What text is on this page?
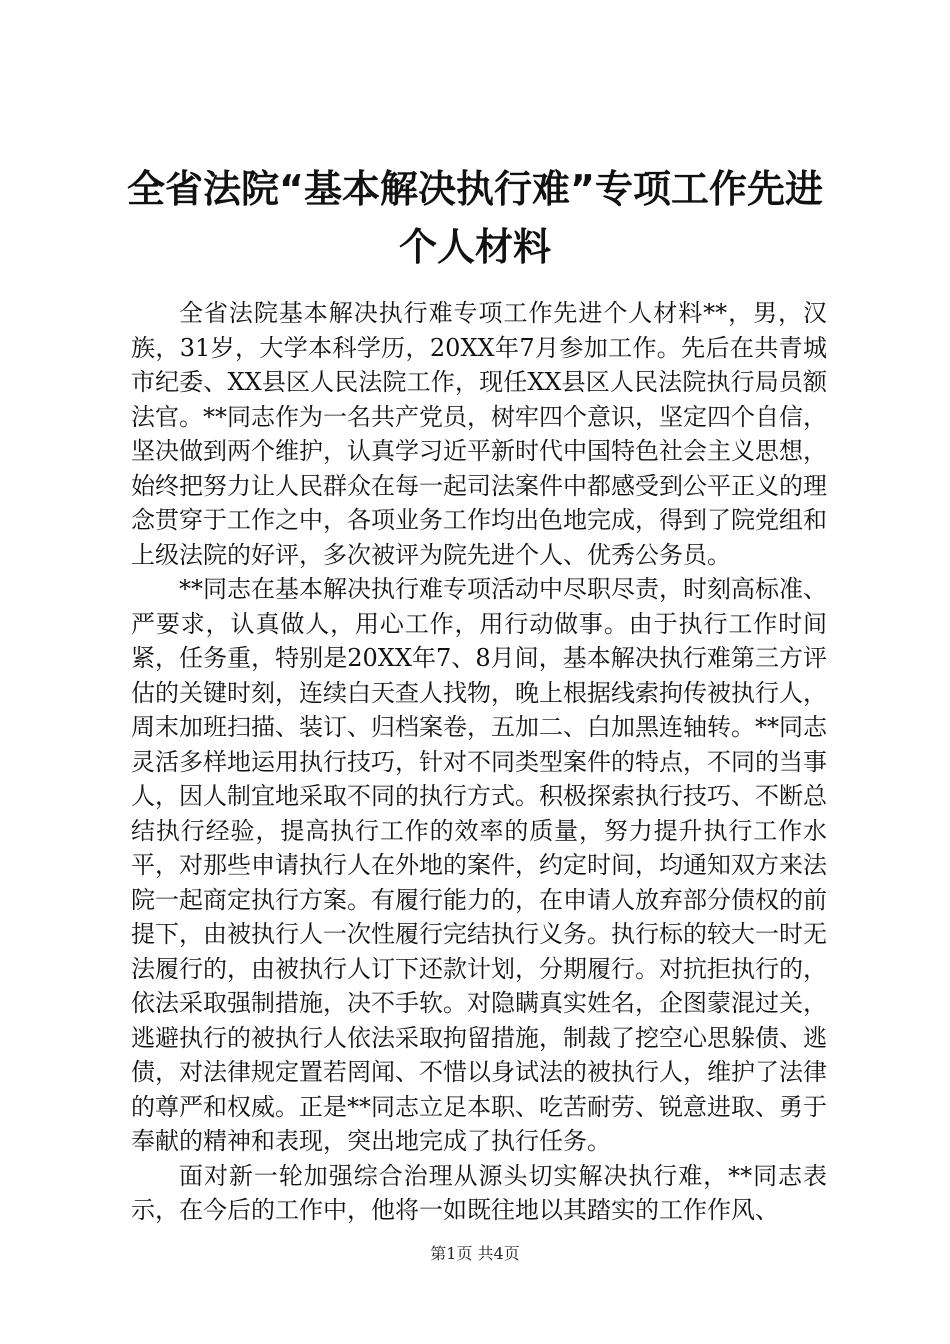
全省法院“基本解决执行难”专项工作先进个人材料

全省法院基本解决执行难专项工作先进个人材料**，男，汉族，31岁，大学本科学历，20XX年7月参加工作。先后在共青城市纪委、XX县区人民法院工作，现任XX县区人民法院执行局员额法官。**同志作为一名共产党员，树牢四个意识，坚定四个自信，坚决做到两个维护，认真学习近平新时代中国特色社会主义思想，始终把努力让人民群众在每一起司法案件中都感受到公平正义的理念贯穿于工作之中，各项业务工作均出色地完成，得到了院党组和上级法院的好评，多次被评为院先进个人、优秀公务员。

**同志在基本解决执行难专项活动中尽职尽责，时刻高标准、严要求，认真做人，用心工作，用行动做事。由于执行工作时间紧，任务重，特别是20XX年7、8月间，基本解决执行难第三方评估的关键时刻，连续白天查人找物，晚上根据线索拘传被执行人，周末加班扫描、装订、归档案卷，五加二、白加黑连轴转。**同志灵活多样地运用执行技巧，针对不同类型案件的特点，不同的当事人，因人制宜地采取不同的执行方式。积极探索执行技巧、不断总结执行经验，提高执行工作的效率的质量，努力提升执行工作水平，对那些申请执行人在外地的案件，约定时间，均通知双方来法院一起商定执行方案。有履行能力的，在申请人放弃部分债权的前提下，由被执行人一次性履行完结执行义务。执行标的较大一时无法履行的，由被执行人订下还款计划，分期履行。对抗拒执行的，依法采取强制措施，决不手软。对隐瞒真实姓名，企图蒙混过关，逃避执行的被执行人依法采取拘留措施，制裁了挖空心思躲债、逃债，对法律规定置若罔闻、不惜以身试法的被执行人，维护了法律的尊严和权威。正是**同志立足本职、吃苦耐劳、锐意进取、勇于奉献的精神和表现，突出地完成了执行任务。

面对新一轮加强综合治理从源头切实解决执行难，**同志表示，在今后的工作中，他将一如既往地以其踏实的工作作风、

第1页 共4页
